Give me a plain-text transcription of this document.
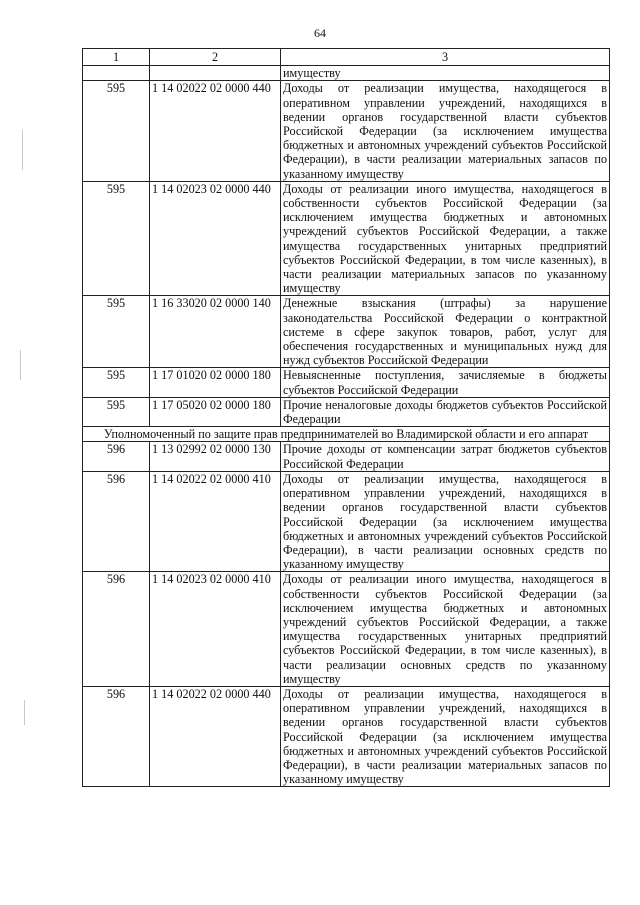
64
1	2	3
		имуществу
595	1 14 02022 02 0000 440	Доходы от реализации имущества, находящегося в оперативном управлении учреждений, находящихся в ведении органов государственной власти субъектов Российской Федерации (за исключением имущества бюджетных и автономных учреждений субъектов Российской Федерации), в части реализации материальных запасов по указанному имуществу
595	1 14 02023 02 0000 440	Доходы от реализации иного имущества, находящегося в собственности субъектов Российской Федерации (за исключением имущества бюджетных и автономных учреждений субъектов Российской Федерации, а также имущества государственных унитарных предприятий субъектов Российской Федерации, в том числе казенных), в части реализации материальных запасов по указанному имуществу
595	1 16 33020 02 0000 140	Денежные взыскания (штрафы) за нарушение законодательства Российской Федерации о контрактной системе в сфере закупок товаров, работ, услуг для обеспечения государственных и муниципальных нужд для нужд субъектов Российской Федерации
595	1 17 01020 02 0000 180	Невыясненные поступления, зачисляемые в бюджеты субъектов Российской Федерации
595	1 17 05020 02 0000 180	Прочие неналоговые доходы бюджетов субъектов Российской Федерации
Уполномоченный по защите прав предпринимателей во Владимирской области и его аппарат		
596	1 13 02992 02 0000 130	Прочие доходы от компенсации затрат бюджетов субъектов Российской Федерации
596	1 14 02022 02 0000 410	Доходы от реализации имущества, находящегося в оперативном управлении учреждений, находящихся в ведении органов государственной власти субъектов Российской Федерации (за исключением имущества бюджетных и автономных учреждений субъектов Российской Федерации), в части реализации основных средств по указанному имуществу
596	1 14 02023 02 0000 410	Доходы от реализации иного имущества, находящегося в собственности субъектов Российской Федерации (за исключением имущества бюджетных и автономных учреждений субъектов Российской Федерации, а также имущества государственных унитарных предприятий субъектов Российской Федерации, в том числе казенных), в части реализации основных средств по указанному имуществу
596	1 14 02022 02 0000 440	Доходы от реализации имущества, находящегося в оперативном управлении учреждений, находящихся в ведении органов государственной власти субъектов Российской Федерации (за исключением имущества бюджетных и автономных учреждений субъектов Российской Федерации), в части реализации материальных запасов по указанному имуществу
